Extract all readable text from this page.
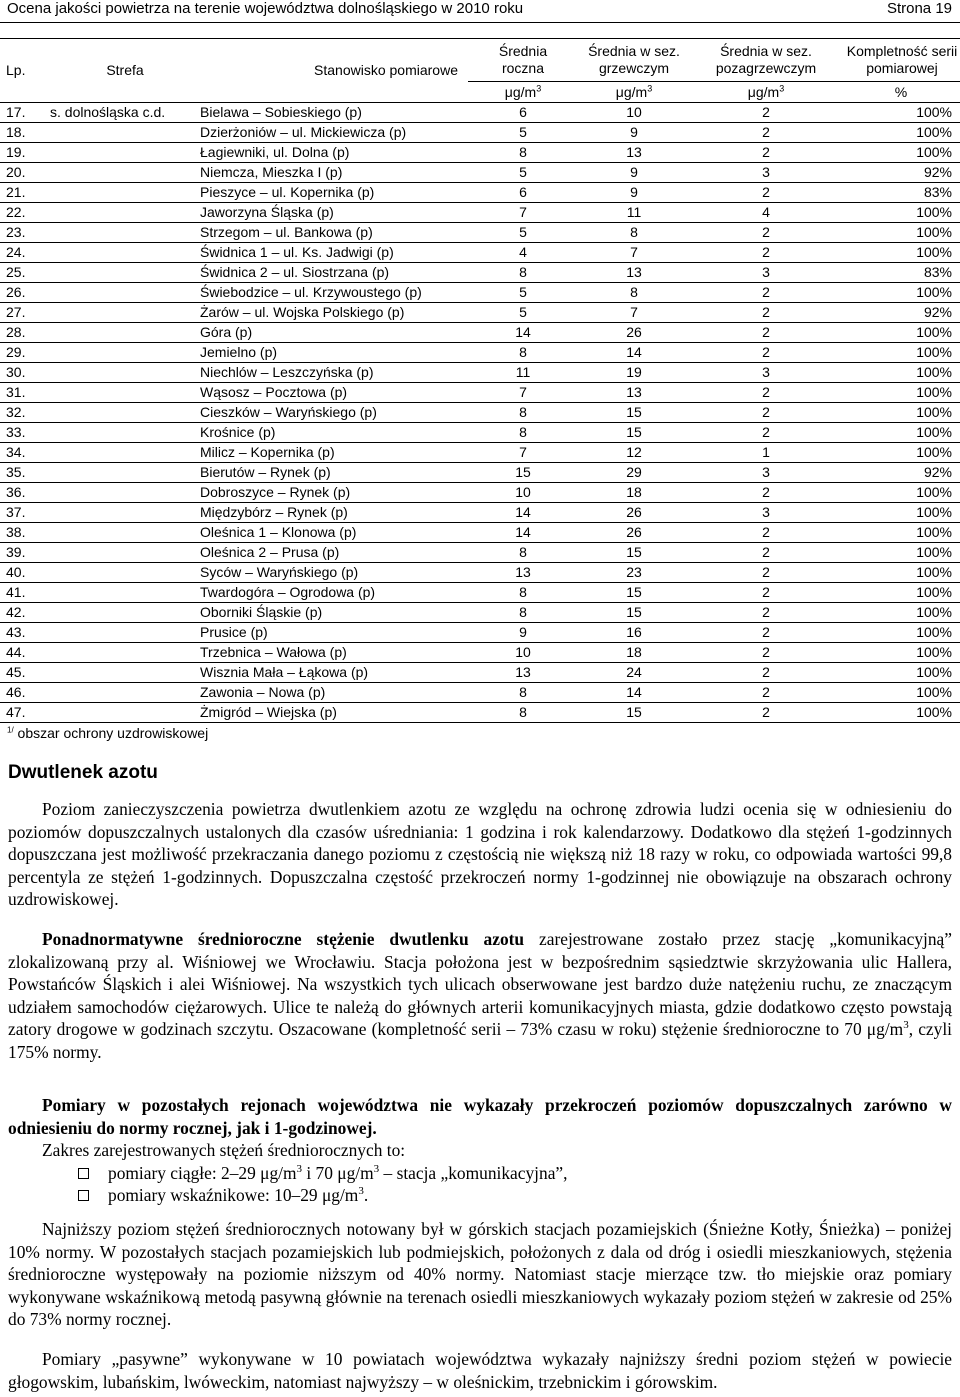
Ocena jakości powietrza na terenie województwa dolnośląskiego w 2010 roku	Strona 19
Lp.	Strefa	Stanowisko pomiarowe	Średnia roczna	Średnia w sez. grzewczym	Średnia w sez. pozagrzewczym	Kompletność serii pomiarowej
			$\mu g/m^3$	$\mu g/m^3$	$\mu g/m^3$	%
17.	s. dolnośląska c.d.	Bielawa – Sobieskiego (p)	6	10	2	100%
18.		Dzierżoniów – ul. Mickiewicza (p)	5	9	2	100%
19.		Łagiewniki, ul. Dolna (p)	8	13	2	100%
20.		Niemcza, Mieszka I (p)	5	9	3	92%
21.		Pieszyce – ul. Kopernika (p)	6	9	2	83%
22.		Jaworzyna Śląska (p)	7	11	4	100%
23.		Strzegom – ul. Bankowa (p)	5	8	2	100%
24.		Świdnica 1 – ul. Ks. Jadwigi (p)	4	7	2	100%
25.		Świdnica 2 – ul. Siostrzana (p)	8	13	3	83%
26.		Świebodzice – ul. Krzywoustego (p)	5	8	2	100%
27.		Żarów – ul. Wojska Polskiego (p)	5	7	2	92%
28.		Góra (p)	14	26	2	100%
29.		Jemielno (p)	8	14	2	100%
30.		Niechlów – Leszczyńska (p)	11	19	3	100%
31.		Wąsosz – Pocztowa (p)	7	13	2	100%
32.		Cieszków – Waryńskiego (p)	8	15	2	100%
33.		Krośnice (p)	8	15	2	100%
34.		Milicz – Kopernika (p)	7	12	1	100%
35.		Bierutów – Rynek (p)	15	29	3	92%
36.		Dobroszyce – Rynek (p)	10	18	2	100%
37.		Międzybórz – Rynek (p)	14	26	3	100%
38.		Oleśnica 1 – Klonowa (p)	14	26	2	100%
39.		Oleśnica 2 – Prusa (p)	8	15	2	100%
40.		Syców – Waryńskiego (p)	13	23	2	100%
41.		Twardogóra – Ogrodowa (p)	8	15	2	100%
42.		Oborniki Śląskie (p)	8	15	2	100%
43.		Prusice (p)	9	16	2	100%
44.		Trzebnica – Wałowa (p)	10	18	2	100%
45.		Wisznia Mała – Łąkowa (p)	13	24	2	100%
46.		Zawonia – Nowa (p)	8	14	2	100%
47.		Żmigród – Wiejska (p)	8	15	2	100%
$^{1/}$ obszar ochrony uzdrowiskowej
Dwutlenek azotu

Poziom zanieczyszczenia powietrza dwutlenkiem azotu ze względu na ochronę zdrowia ludzi ocenia się w odniesieniu do poziomów dopuszczalnych ustalonych dla czasów uśredniania: 1 godzina i rok kalendarzowy. Dodatkowo dla stężeń 1-godzinnych dopuszczana jest możliwość przekraczania danego poziomu z częstością nie większą niż 18 razy w roku, co odpowiada wartości 99,8 percentyla ze stężeń 1-godzinnych. Dopuszczalna częstość przekroczeń normy 1-godzinnej nie obowiązuje na obszarach ochrony uzdrowiskowej.

Ponadnormatywne średnioroczne stężenie dwutlenku azotu zarejestrowane zostało przez stację „komunikacyjną” zlokalizowaną przy al. Wiśniowej we Wrocławiu. Stacja położona jest w bezpośrednim sąsiedztwie skrzyżowania ulic Hallera, Powstańców Śląskich i alei Wiśniowej. Na wszystkich tych ulicach obserwowane jest bardzo duże natężeniu ruchu, ze znaczącym udziałem samochodów ciężarowych. Ulice te należą do głównych arterii komunikacyjnych miasta, gdzie dodatkowo często powstają zatory drogowe w godzinach szczytu. Oszacowane (kompletność serii – 73% czasu w roku) stężenie średnioroczne to 70 $\mu g/m^3$, czyli 175% normy.

Pomiary w pozostałych rejonach województwa nie wykazały przekroczeń poziomów dopuszczalnych zarówno w odniesieniu do normy rocznej, jak i 1-godzinowej.

Zakres zarejestrowanych stężeń średniorocznych to:

pomiary ciągłe: 2–29 $\mu g/m^3$ i 70 $\mu g/m^3$ – stacja „komunikacyjna”,
pomiary wskaźnikowe: 10–29 $\mu g/m^3$.

Najniższy poziom stężeń średniorocznych notowany był w górskich stacjach pozamiejskich (Śnieżne Kotły, Śnieżka) – poniżej 10% normy. W pozostałych stacjach pozamiejskich lub podmiejskich, położonych z dala od dróg i osiedli mieszkaniowych, stężenia średnioroczne występowały na poziomie niższym od 40% normy. Natomiast stacje mierzące tzw. tło miejskie oraz pomiary wykonywane wskaźnikową metodą pasywną głównie na terenach osiedli mieszkaniowych wykazały poziom stężeń w zakresie od 25% do 73% normy rocznej.

Pomiary „pasywne” wykonywane w 10 powiatach województwa wykazały najniższy średni poziom stężeń w powiecie głogowskim, lubańskim, lwóweckim, natomiast najwyższy – w oleśnickim, trzebnickim i górowskim.
